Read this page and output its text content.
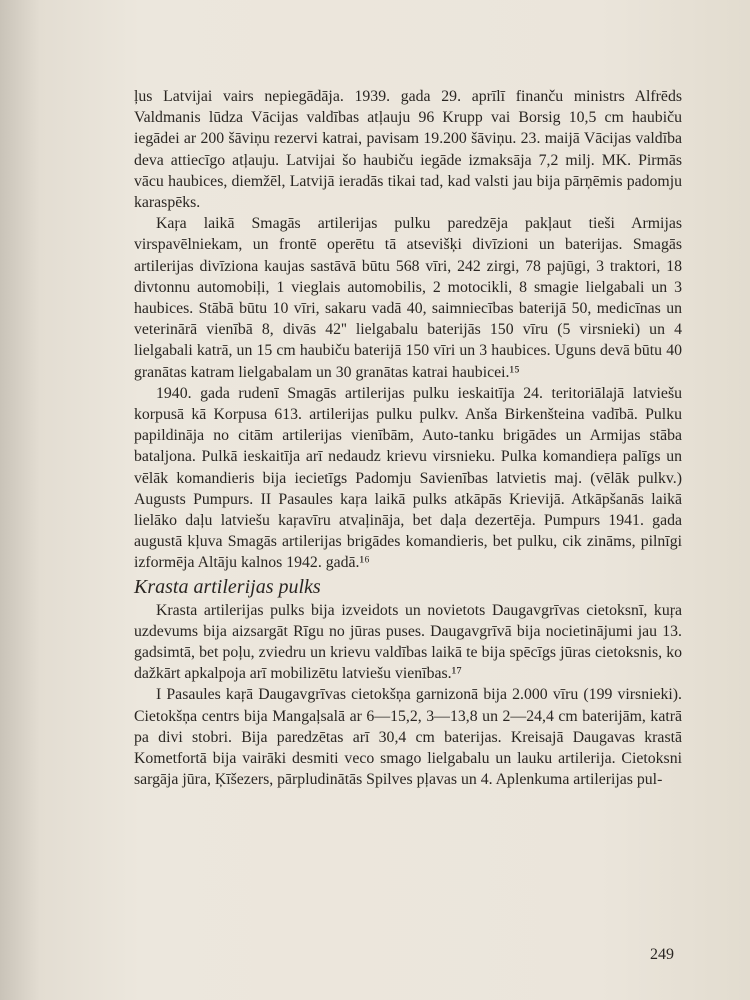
ļus Latvijai vairs nepiegādāja. 1939. gada 29. aprīlī finanču ministrs Alfrēds Valdmanis lūdza Vācijas valdības atļauju 96 Krupp vai Borsig 10,5 cm haubiču iegādei ar 200 šāviņu rezervi katrai, pavisam 19.200 šāviņu. 23. maijā Vācijas valdība deva attiecīgo atļauju. Latvijai šo haubiču iegāde izmaksāja 7,2 milj. MK. Pirmās vācu haubices, diemžēl, Latvijā ieradās tikai tad, kad valsti jau bija pārņēmis padomju karaspēks.

Kaŗa laikā Smagās artilerijas pulku paredzēja pakļaut tieši Armijas virspavēlniekam, un frontē operētu tā atsevišķi divīzioni un baterijas. Smagās artilerijas divīziona kaujas sastāvā būtu 568 vīri, 242 zirgi, 78 pajūgi, 3 traktori, 18 divtonnu automobiļi, 1 vieglais automobilis, 2 motocikli, 8 smagie lielgabali un 3 haubices. Stābā būtu 10 vīri, sakaru vadā 40, saimniecības baterijā 50, medicīnas un veterinārā vienībā 8, divās 42'' lielgabalu baterijās 150 vīru (5 virsnieki) un 4 lielgabali katrā, un 15 cm haubiču baterijā 150 vīri un 3 haubices. Uguns devā būtu 40 granātas katram lielgabalam un 30 granātas katrai haubicei.¹⁵

1940. gada rudenī Smagās artilerijas pulku ieskaitīja 24. teritoriālajā latviešu korpusā kā Korpusa 613. artilerijas pulku pulkv. Anša Birkenšteina vadībā. Pulku papildināja no citām artilerijas vienībām, Auto-tanku brigādes un Armijas stāba bataljona. Pulkā ieskaitīja arī nedaudz krievu virsnieku. Pulka komandieŗa palīgs un vēlāk komandieris bija iecietīgs Padomju Savienības latvietis maj. (vēlāk pulkv.) Augusts Pumpurs. II Pasaules kaŗa laikā pulks atkāpās Krievijā. Atkāpšanās laikā lielāko daļu latviešu kaŗavīru atvaļināja, bet daļa dezertēja. Pumpurs 1941. gada augustā kļuva Smagās artilerijas brigādes komandieris, bet pulku, cik zināms, pilnīgi izformēja Altāju kalnos 1942. gadā.¹⁶

Krasta artilerijas pulks

Krasta artilerijas pulks bija izveidots un novietots Daugavgrīvas cietoksnī, kuŗa uzdevums bija aizsargāt Rīgu no jūras puses. Daugavgrīvā bija nocietinājumi jau 13. gadsimtā, bet poļu, zviedru un krievu valdības laikā te bija spēcīgs jūras cietoksnis, ko dažkārt apkalpoja arī mobilizētu latviešu vienības.¹⁷

I Pasaules kaŗā Daugavgrīvas cietokšņa garnizonā bija 2.000 vīru (199 virsnieki). Cietokšņa centrs bija Mangaļsalā ar 6—15,2, 3—13,8 un 2—24,4 cm baterijām, katrā pa divi stobri. Bija paredzētas arī 30,4 cm baterijas. Kreisajā Daugavas krastā Kometfortā bija vairāki desmiti veco smago lielgabalu un lauku artilerija. Cietoksni sargāja jūra, Ķīšezers, pārpludinātās Spilves pļavas un 4. Aplenkuma artilerijas pul-

249
